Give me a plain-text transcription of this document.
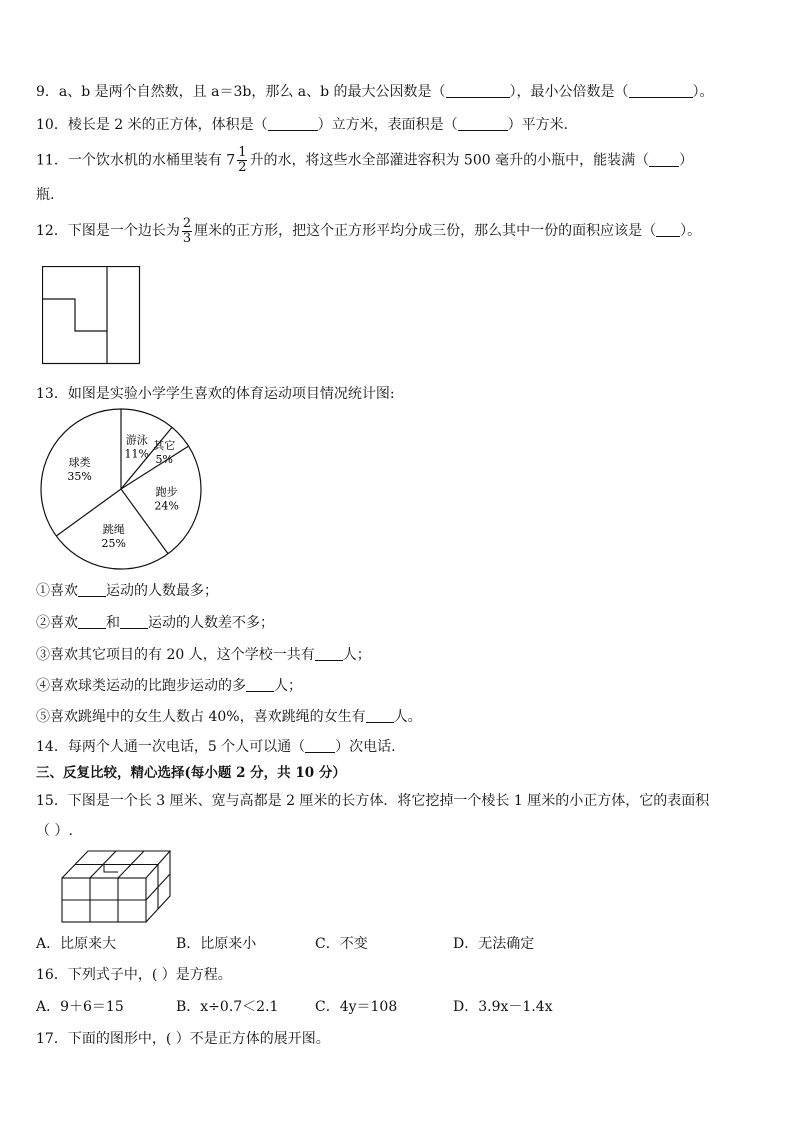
9．a、b 是两个自然数，且 a＝3b，那么 a、b 的最大公因数是（	），最小公倍数是（	）。
10．棱长是 2 米的正方体，体积是（	）立方米，表面积是（	）平方米.
11．一个饮水机的水桶里装有 $7 \frac{1}{2}$ 升的水，将这些水全部灌进容积为 500 毫升的小瓶中，能装满（ ）
瓶.
12．下图是一个边长为 $\frac{2}{3}$ 厘米的正方形，把这个正方形平均分成三份，那么其中一份的面积应该是（ ）。
13．如图是实验小学学生喜欢的体育运动项目情况统计图:
游泳
11%
其它
5%
跑步
24%
跳绳
25%
球类
35%
①喜欢 运动的人数最多；
②喜欢 和 运动的人数差不多；
③喜欢其它项目的有 20 人，这个学校一共有 人；
④喜欢球类运动的比跑步运动的多 人；
⑤喜欢跳绳中的女生人数占 40%，喜欢跳绳的女生有 人。
14．每两个人通一次电话，5 个人可以通（ ）次电话.
三、反复比较，精心选择(每小题 2 分，共 10 分）
15．下图是一个长 3 厘米、宽与高都是 2 厘米的长方体．将它挖掉一个棱长 1 厘米的小正方体，它的表面积
（ ）.
A．比原来大	B．比原来小	C．不变	D．无法确定
16．下列式子中，( ）是方程。
A．9＋6＝15	B．x÷0.7＜2.1	C．4y＝108	D．3.9x－1.4x
17．下面的图形中，( ）不是正方体的展开图。
